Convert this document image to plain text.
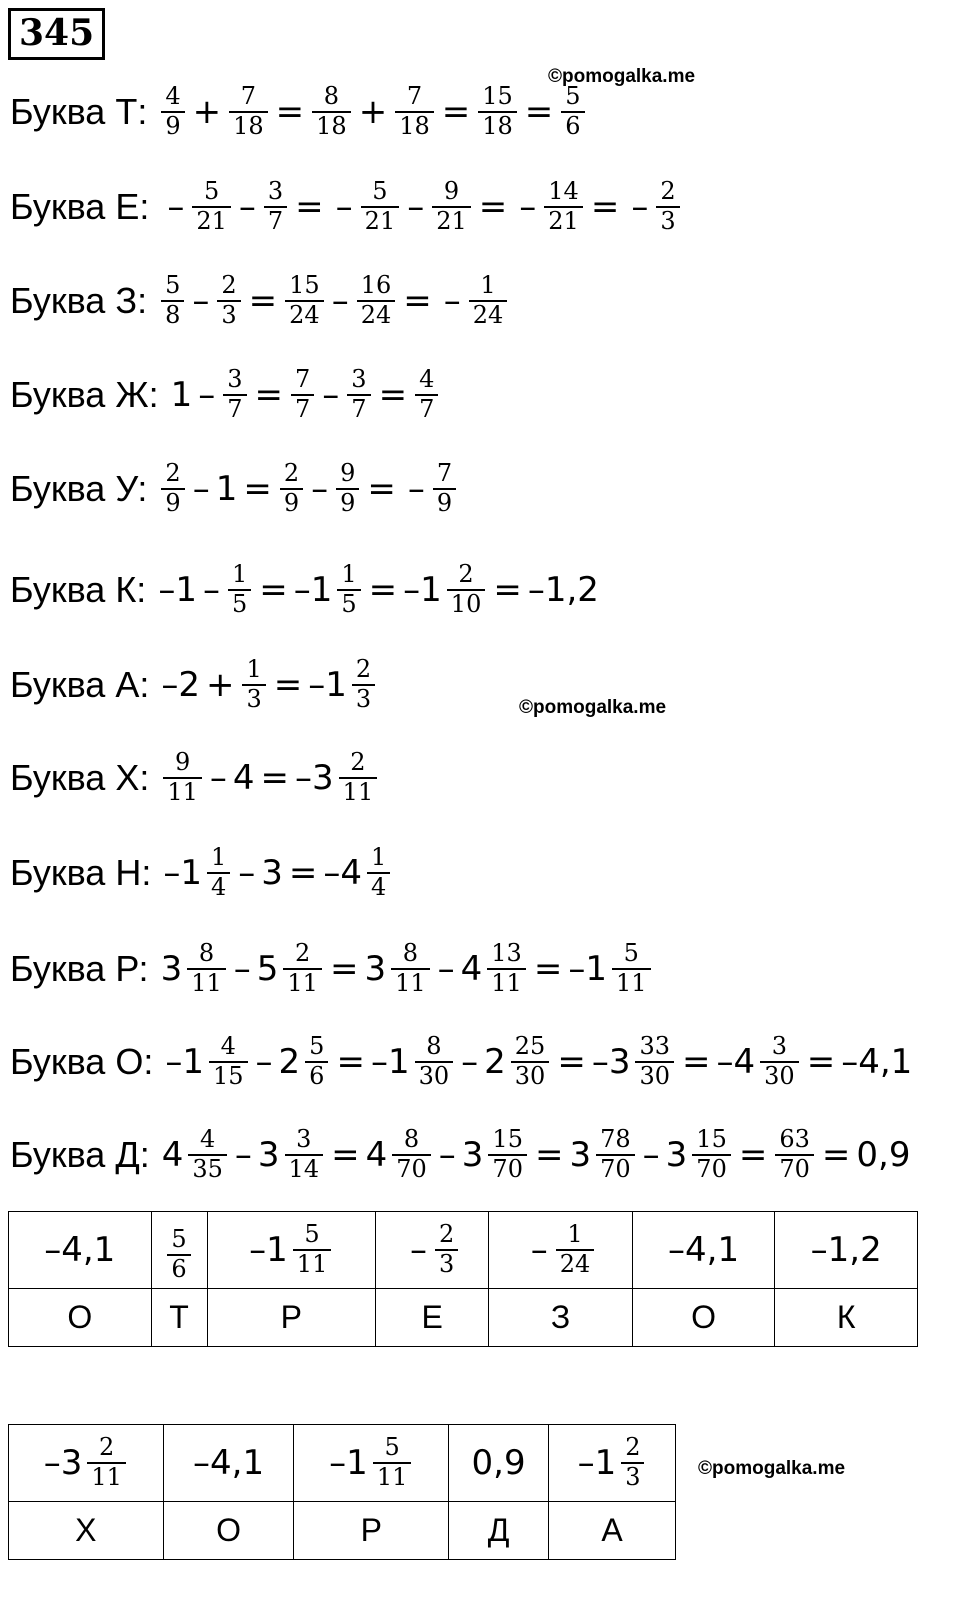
345
©pomogalka.me
©pomogalka.me
©pomogalka.me
Буква Т: $\frac{4}{9} + \frac{7}{18} = \frac{8}{18} + \frac{7}{18} = \frac{15}{18} = \frac{5}{6}$
Буква Е: – $\frac{5}{21} - \frac{3}{7}$ = – $\frac{5}{21} - \frac{9}{21}$ = – $\frac{14}{21}$ = – $\frac{2}{3}$
Буква З: $\frac{5}{8} - \frac{2}{3} = \frac{15}{24} - \frac{16}{24}$ = – $\frac{1}{24}$
Буква Ж: $1 - \frac{3}{7} = \frac{7}{7} - \frac{3}{7} = \frac{4}{7}$
Буква У: $\frac{2}{9} - 1 = \frac{2}{9} - \frac{9}{9}$ = – $\frac{7}{9}$
Буква К: $-1 - \frac{1}{5} = -1 \frac{1}{5} = -1 \frac{2}{10} = -1,2$
Буква А: $-2 + \frac{1}{3} = -1 \frac{2}{3}$
Буква Х: $\frac{9}{11} - 4 = -3 \frac{2}{11}$
Буква Н: $-1 \frac{1}{4} - 3 = -4 \frac{1}{4}$
Буква Р: $3 \frac{8}{11} - 5 \frac{2}{11} = 3 \frac{8}{11} - 4 \frac{13}{11} = -1 \frac{5}{11}$
Буква О: $-1 \frac{4}{15} - 2 \frac{5}{6} = -1 \frac{8}{30} - 2 \frac{25}{30} = -3 \frac{33}{30} = -4 \frac{3}{30} = -4,1$
Буква Д: $4 \frac{4}{35} - 3 \frac{3}{14} = 4 \frac{8}{70} - 3 \frac{15}{70} = 3 \frac{78}{70} - 3 \frac{15}{70} = \frac{63}{70} = 0,9$
–4,1	$\frac{5}{6}$	$-1 \frac{5}{11}$	– $\frac{2}{3}$	– $\frac{1}{24}$	–4,1	–1,2

О	Т	Р	Е	З	О	К
$-3 \frac{2}{11}$	–4,1	$-1 \frac{5}{11}$	0,9	$-1 \frac{2}{3}$

Х	О	Р	Д	А
